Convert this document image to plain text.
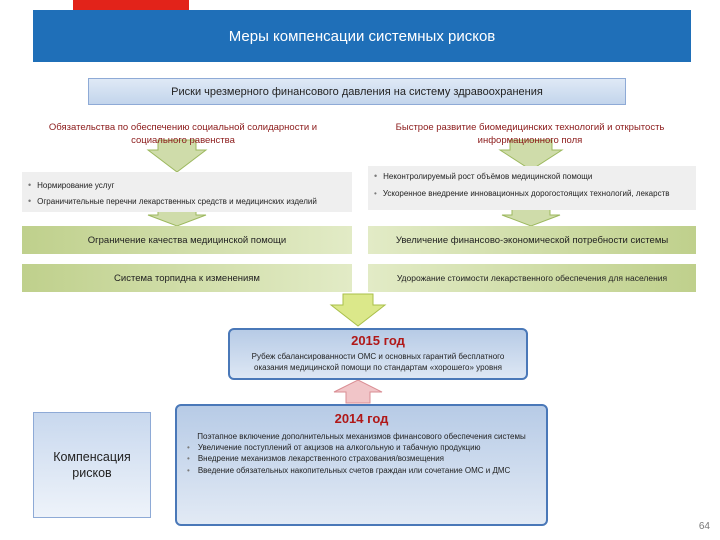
Меры компенсации системных рисков
Риски чрезмерного финансового давления на систему здравоохранения
Обязательства по обеспечению социальной солидарности и социального равенства
• Нормирование услуг
• Ограничительные перечни лекарственных средств и медицинских изделий
Ограничение качества медицинской помощи
Система торпидна к изменениям
Быстрое развитие биомедицинских технологий и открытость информационного поля
• Неконтролируемый рост объёмов медицинской помощи
• Ускоренное внедрение инновационных дорогостоящих технологий, лекарств
Увеличение финансово-экономической потребности системы
Удорожание стоимости лекарственного обеспечения для населения
2015 год
Рубеж сбалансированности ОМС и основных гарантий бесплатного оказания медицинской помощи по стандартам «хорошего» уровня
Компенсация рисков
2014 год
Поэтапное включение дополнительных механизмов финансового обеспечения системы
• Увеличение поступлений от акцизов на алкогольную и табачную продукцию
• Внедрение механизмов лекарственного страхования/возмещения
• Введение обязательных накопительных счетов граждан или сочетание ОМС и ДМС
64
